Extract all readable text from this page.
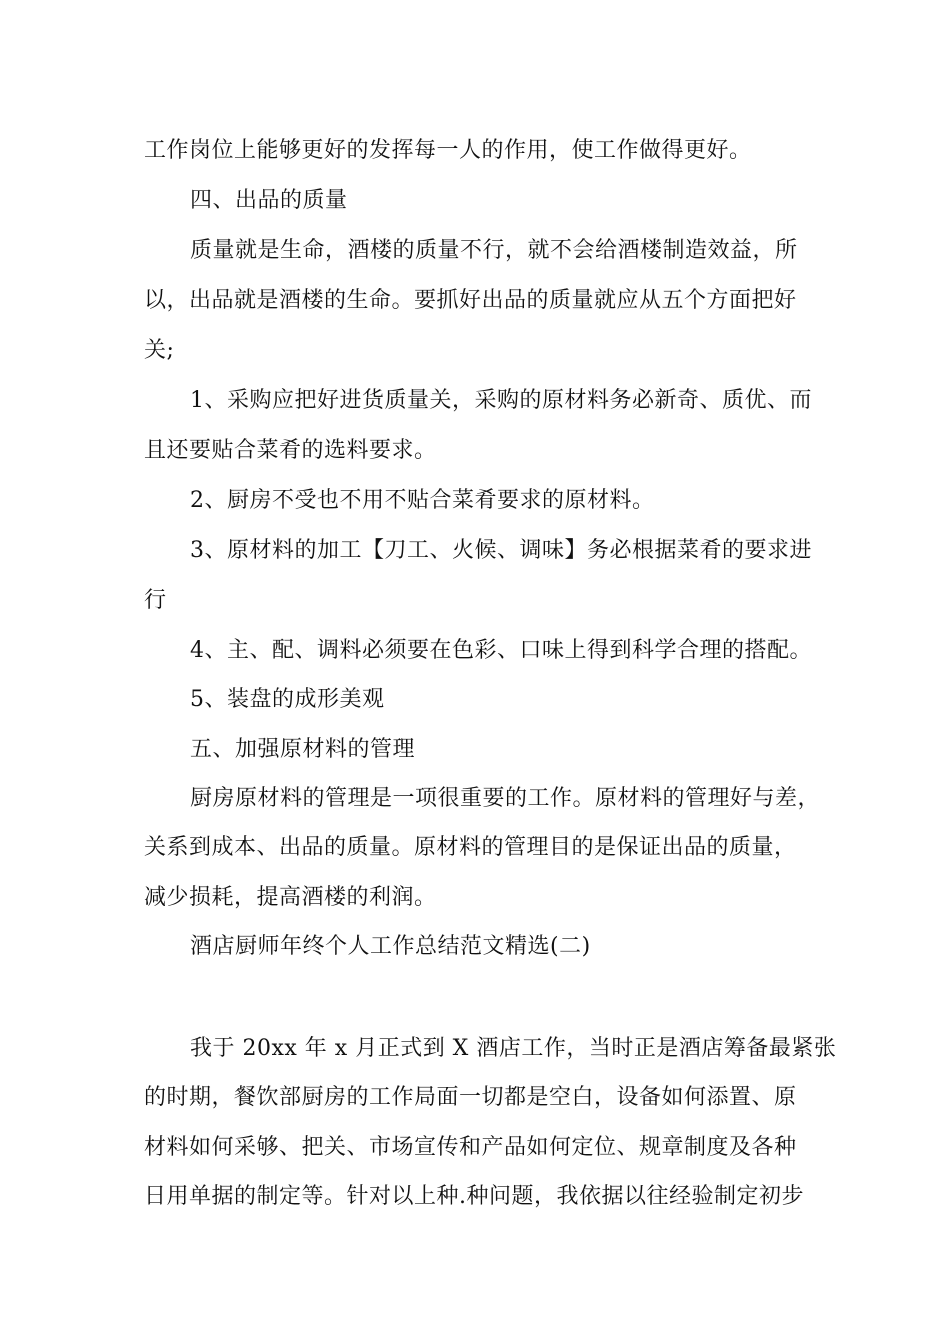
工作岗位上能够更好的发挥每一人的作用，使工作做得更好。
四、出品的质量
质量就是生命，酒楼的质量不行，就不会给酒楼制造效益，所
以，出品就是酒楼的生命。要抓好出品的质量就应从五个方面把好
关;
1、采购应把好进货质量关，采购的原材料务必新奇、质优、而
且还要贴合菜肴的选料要求。
2、厨房不受也不用不贴合菜肴要求的原材料。
3、原材料的加工【刀工、火候、调味】务必根据菜肴的要求进
行
4、主、配、调料必须要在色彩、口味上得到科学合理的搭配。
5、装盘的成形美观
五、加强原材料的管理
厨房原材料的管理是一项很重要的工作。原材料的管理好与差，
关系到成本、出品的质量。原材料的管理目的是保证出品的质量，
减少损耗，提高酒楼的利润。
酒店厨师年终个人工作总结范文精选(二)
我于 20xx 年 x 月正式到 X 酒店工作，当时正是酒店筹备最紧张
的时期，餐饮部厨房的工作局面一切都是空白，设备如何添置、原
材料如何采够、把关、市场宣传和产品如何定位、规章制度及各种
日用单据的制定等。针对以上种.种问题，我依据以往经验制定初步
